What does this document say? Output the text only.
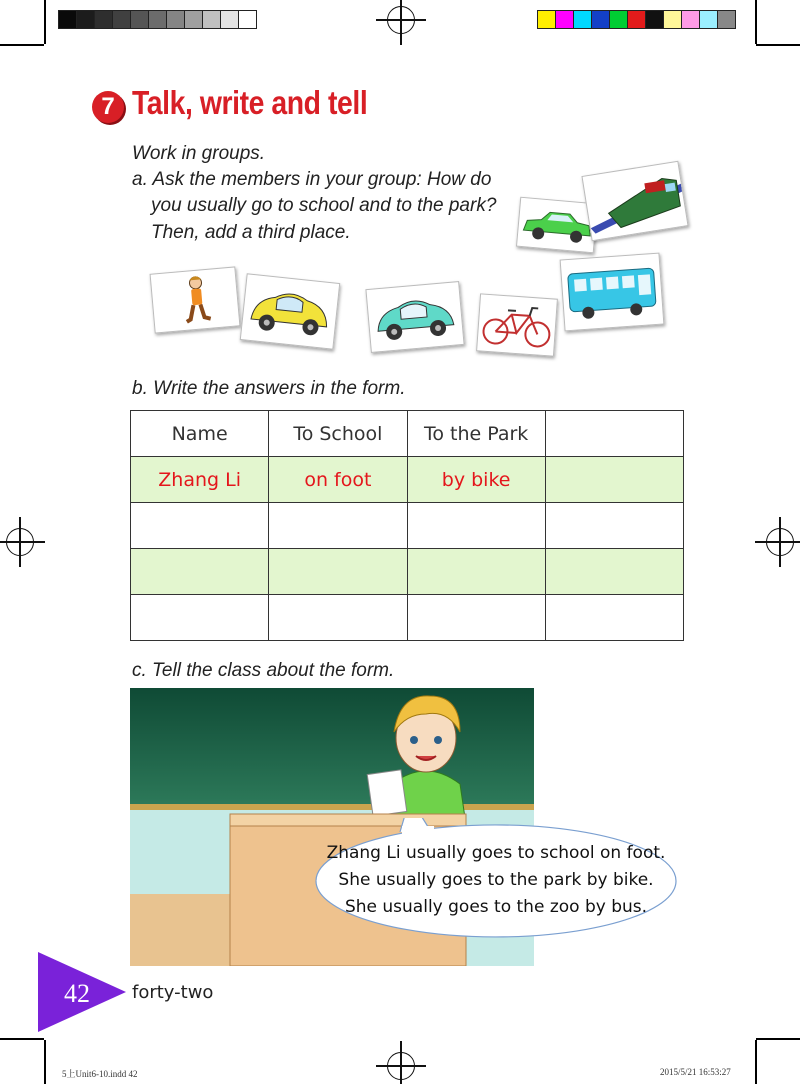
7 Talk, write and tell
Work in groups.
a. Ask the members in your group: How do
you usually go to school and to the park?
Then, add a third place.
b. Write the answers in the form.
Name	To School	To the Park	
Zhang Li	on foot	by bike	

c. Tell the class about the form.
Zhang Li usually goes to school on foot.
She usually goes to the park by bike.
She usually goes to the zoo by bus.
42 forty-two
5上Unit6-10.indd 42	2015/5/21 16:53:27
